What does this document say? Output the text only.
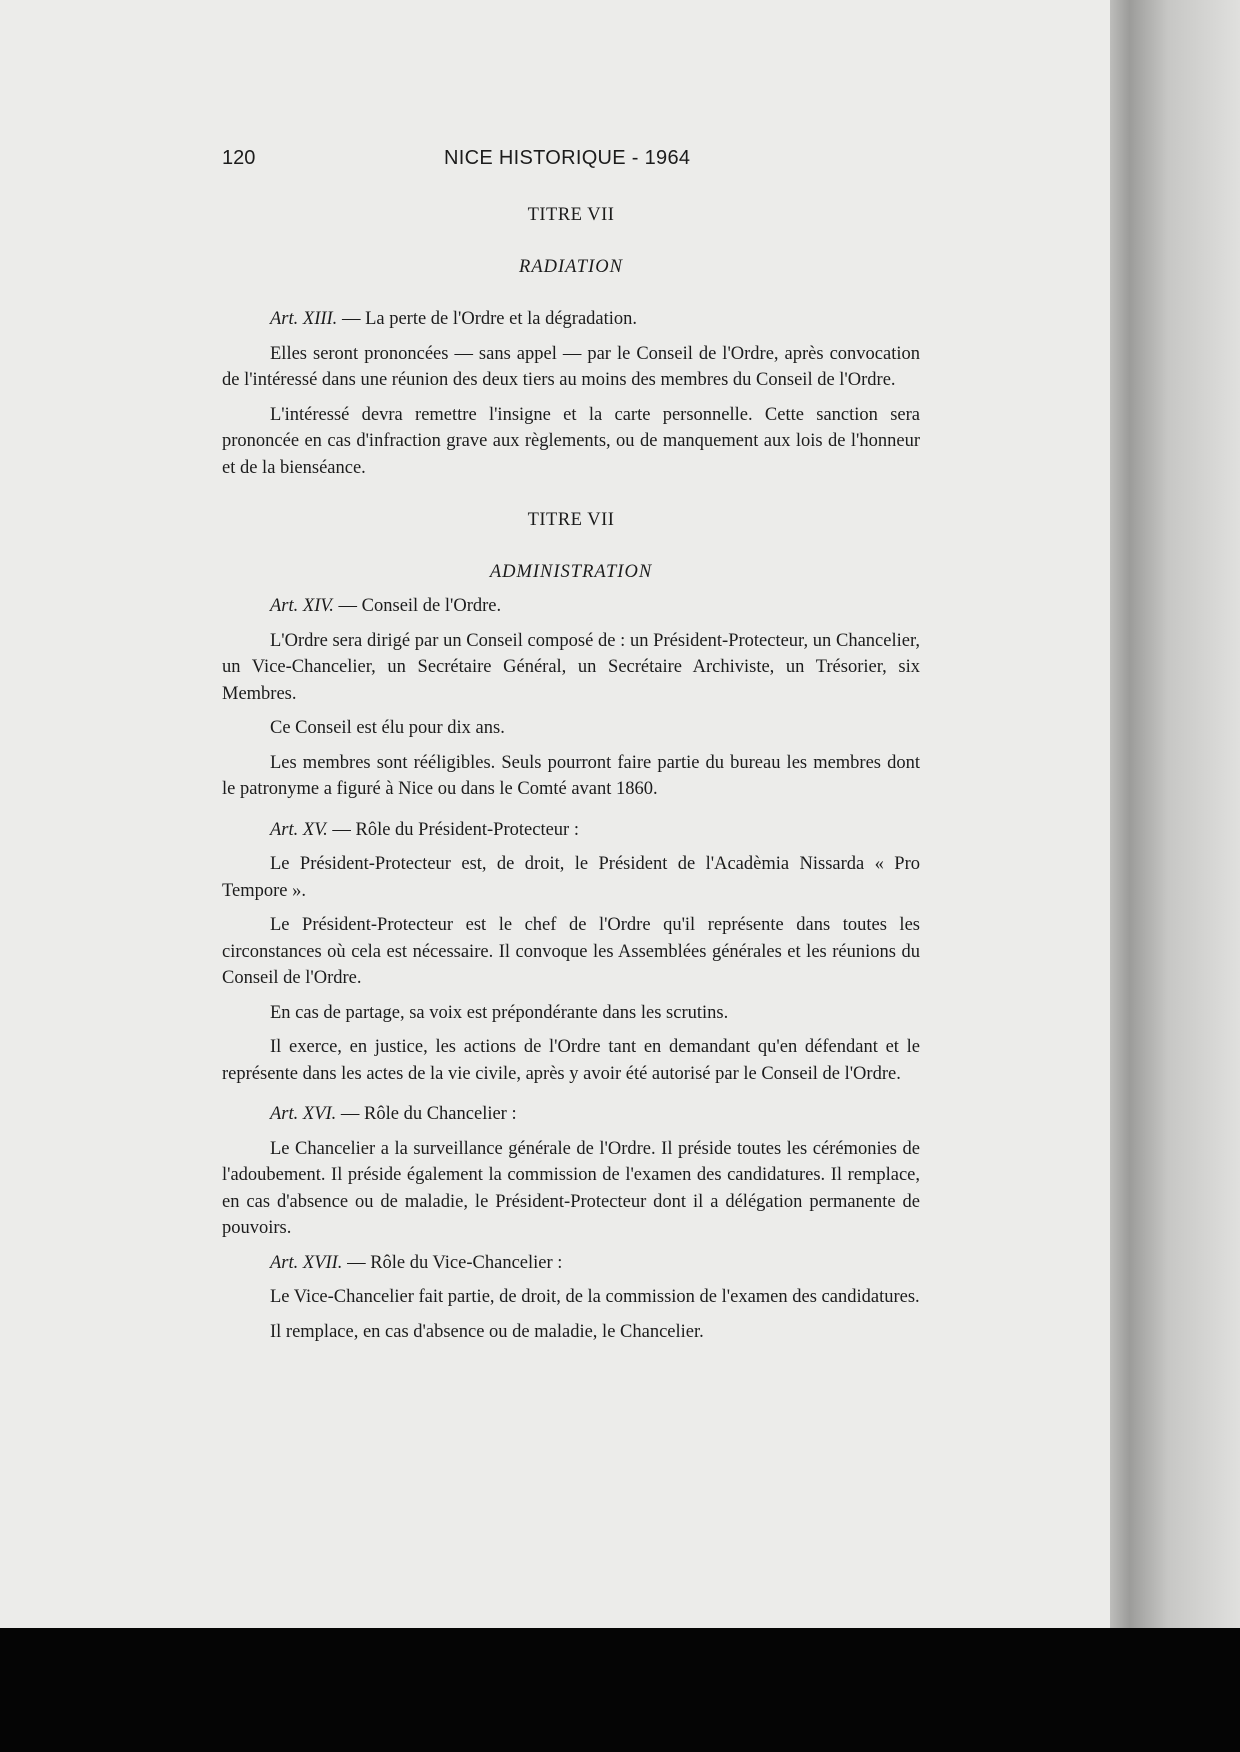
120	NICE HISTORIQUE - 1964
TITRE VII
RADIATION
Art. XIII. — La perte de l'Ordre et la dégradation.

Elles seront prononcées — sans appel — par le Conseil de l'Ordre, après convocation de l'intéressé dans une réunion des deux tiers au moins des membres du Conseil de l'Ordre.

L'intéressé devra remettre l'insigne et la carte personnelle. Cette sanction sera prononcée en cas d'infraction grave aux règlements, ou de manquement aux lois de l'honneur et de la bienséance.

TITRE VII
ADMINISTRATION
Art. XIV. — Conseil de l'Ordre.

L'Ordre sera dirigé par un Conseil composé de : un Président-Protecteur, un Chancelier, un Vice-Chancelier, un Secrétaire Général, un Secrétaire Archiviste, un Trésorier, six Membres.

Ce Conseil est élu pour dix ans.

Les membres sont rééligibles. Seuls pourront faire partie du bureau les membres dont le patronyme a figuré à Nice ou dans le Comté avant 1860.

Art. XV. — Rôle du Président-Protecteur :

Le Président-Protecteur est, de droit, le Président de l'Acadèmia Nissarda « Pro Tempore ».

Le Président-Protecteur est le chef de l'Ordre qu'il représente dans toutes les circonstances où cela est nécessaire. Il convoque les Assemblées générales et les réunions du Conseil de l'Ordre.

En cas de partage, sa voix est prépondérante dans les scrutins.

Il exerce, en justice, les actions de l'Ordre tant en demandant qu'en défendant et le représente dans les actes de la vie civile, après y avoir été autorisé par le Conseil de l'Ordre.

Art. XVI. — Rôle du Chancelier :

Le Chancelier a la surveillance générale de l'Ordre. Il préside toutes les cérémonies de l'adoubement. Il préside également la commission de l'examen des candidatures. Il remplace, en cas d'absence ou de maladie, le Président-Protecteur dont il a délégation permanente de pouvoirs.

Art. XVII. — Rôle du Vice-Chancelier :

Le Vice-Chancelier fait partie, de droit, de la commission de l'examen des candidatures.

Il remplace, en cas d'absence ou de maladie, le Chancelier.
